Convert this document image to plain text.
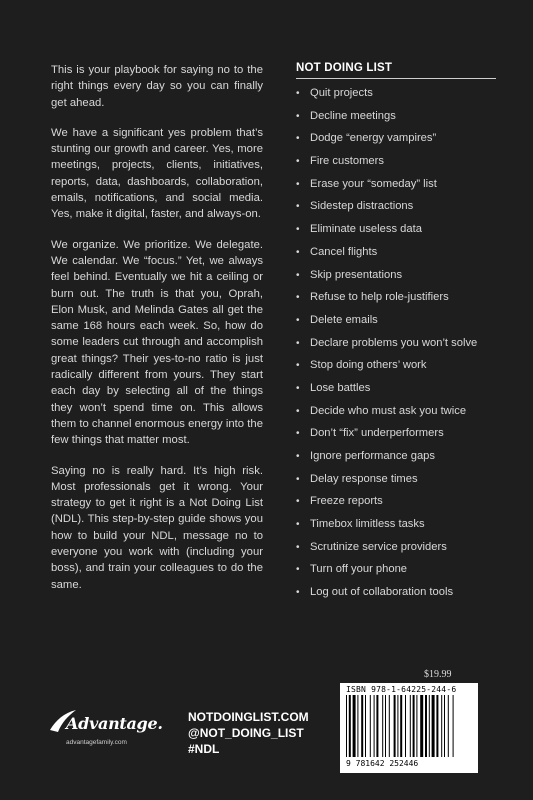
This is your playbook for saying no to the right things every day so you can finally get ahead.

We have a significant yes problem that’s stunting our growth and career. Yes, more meetings, projects, clients, initiatives, reports, data, dashboards, collaboration, emails, notifications, and social media. Yes, make it digital, faster, and always-on.

We organize. We prioritize. We delegate. We calendar. We “focus.” Yet, we always feel behind. Eventually we hit a ceiling or burn out. The truth is that you, Oprah, Elon Musk, and Melinda Gates all get the same 168 hours each week. So, how do some leaders cut through and accomplish great things? Their yes-to-no ratio is just radically different from yours. They start each day by selecting all of the things they won’t spend time on. This allows them to channel enormous energy into the few things that matter most.

Saying no is really hard. It’s high risk. Most professionals get it wrong. Your strategy to get it right is a Not Doing List (NDL). This step-by-step guide shows you how to build your NDL, message no to everyone you work with (including your boss), and train your colleagues to do the same.

NOT DOING LIST
• Quit projects
• Decline meetings
• Dodge “energy vampires”
• Fire customers
• Erase your “someday” list
• Sidestep distractions
• Eliminate useless data
• Cancel flights
• Skip presentations
• Refuse to help role-justifiers
• Delete emails
• Declare problems you won’t solve
• Stop doing others’ work
• Lose battles
• Decide who must ask you twice
• Don’t “fix” underperformers
• Ignore performance gaps
• Delay response times
• Freeze reports
• Timebox limitless tasks
• Scrutinize service providers
• Turn off your phone
• Log out of collaboration tools
Advantage.
advantagefamily.com
NOTDOINGLIST.COM
@NOT_DOING_LIST
#NDL
$19.99
ISBN 978-1-64225-244-6
9 781642 252446
